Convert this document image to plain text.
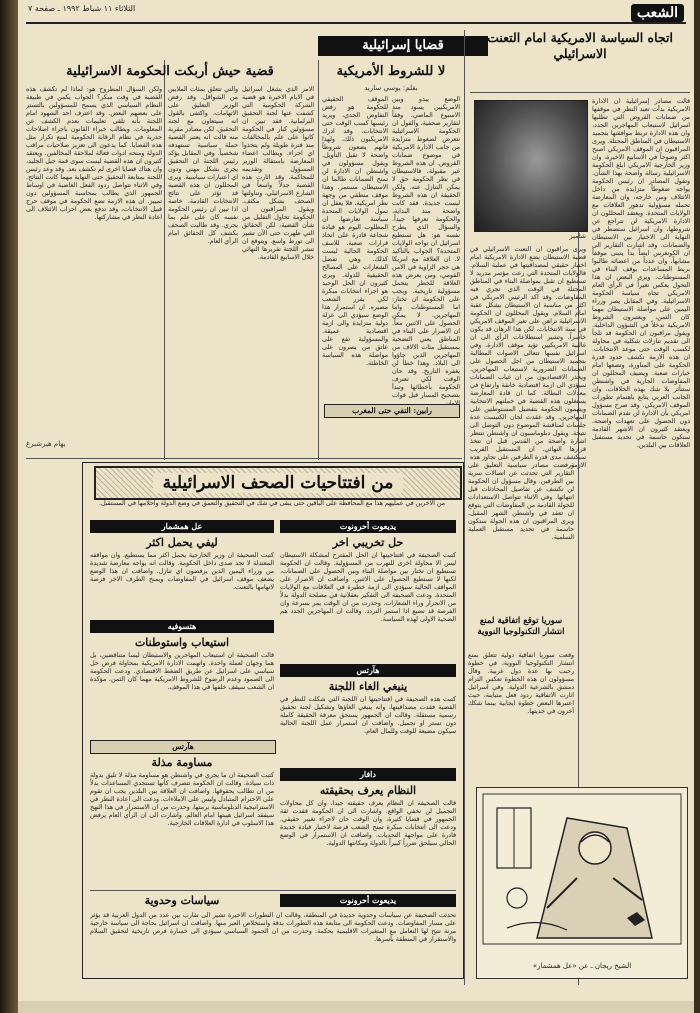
الثلاثاء ١١ شباط ١٩٩٢ ـ صفحة ٧	الشعب
قضايا إسرائيلية
اتجاه السياسة الامريكية امام التعنت الاسرائيلي
شامير
قالت مصادر إسرائيلية ان الادارة الامريكية بدأت تعيد النظر في موقفها من ضمانات القروض التي تطلبها اسرائيل لاستيعاب المهاجرين الجدد، وان هذه الادارة تربط موافقتها بتجميد الاستيطان في المناطق المحتلة. ويرى المراقبون ان الموقف الامريكي اصبح اكثر وضوحاً في الاسابيع الاخيرة، وان وزير الخارجية الامريكي ابلغ الحكومة الاسرائيلية رسالة واضحة بهذا الشأن. وتقول المصادر ان رئيس الحكومة يواجه ضغوطاً متزايدة من داخل الائتلاف ومن خارجه، وان المعارضة تحمله مسؤولية تدهور العلاقات مع الولايات المتحدة. ويعتقد المحللون ان الادارة الامريكية لن تتراجع عن شروطها، وان اسرائيل ستضطر في النهاية الى الاختيار بين الاستيطان والضمانات. وقد اشارت التقارير الى ان الكونغرس ايضاً بدأ يتبنى موقفاً مشابهاً، وان عدداً من اعضائه طالبوا بربط المساعدات بوقف البناء في المستوطنات. ويرى البعض ان هذا التحول يعكس تغيراً في الرأي العام الامريكي تجاه سياسة الحكومة الاسرائيلية. وفي المقابل يصر وزراء اليمين على مواصلة الاستيطان مهما كان الثمن، ويعتبرون الشروط الامريكية تدخلاً في الشؤون الداخلية. ويقول مراقبون ان الحكومة قد تلجأ الى تقديم تنازلات شكلية في محاولة لكسب الوقت حتى موعد الانتخابات. ان هذه الازمة تكشف حدود قدرة الحكومة على المناورة، وتضعها امام خيارات صعبة. ويضيف المحللون ان المفاوضات الجارية في واشنطن ستتأثر بلا شك بهذه الخلافات، وان الجانب العربي يتابع باهتمام تطورات الموقف الامريكي. وقد صرح مسؤول امريكي بأن الادارة لن تقدم الضمانات دون الحصول على تعهدات واضحة. ويعتقد كثيرون ان الاشهر القادمة ستكون حاسمة في تحديد مستقبل العلاقات بين البلدين.
ويرى مراقبون ان التعنت الاسرائيلي في قضية الاستيطان يضع الادارة الامريكية امام اختبار حقيقي لمصداقيتها في عملية السلام. فالولايات المتحدة التي رعت مؤتمر مدريد لا تستطيع ان تقبل بمواصلة البناء في المناطق المحتلة في الوقت الذي تجري فيه المفاوضات. وقد اكد الرئيس الامريكي في اكثر من مناسبة ان الاستيطان يشكل عقبة امام السلام. ويقول المحللون ان الحكومة الاسرائيلية تراهن على تغير الموقف الامريكي في سنة الانتخابات، لكن هذا الرهان قد يكون خاسراً. وتشير استطلاعات الرأي الى ان غالبية الامريكيين تؤيد موقف الادارة. وفي اسرائيل نفسها تتعالى الاصوات المطالبة بتجميد الاستيطان من اجل الحصول على الضمانات الضرورية لاستيعاب المهاجرين. ويحذر الاقتصاديون من ان غياب الضمانات سيؤدي الى ازمة اقتصادية خانقة وارتفاع في معدلات البطالة. كما ان قادة المعارضة يستغلون هذه القضية في حملتهم الانتخابية ويتهمون الحكومة بتفضيل المستوطنين على المهاجرين. وقد عقدت لجان الكنيست عدة جلسات لمناقشة الموضوع دون التوصل الى نتيجة. ويقول دبلوماسيون ان واشنطن تنتظر اشارة واضحة من القدس قبل ان تتخذ قرارها النهائي. ان المستقبل القريب سيكشف مدى قدرة الطرفين على تجاوز هذه الازمة.
لا للشروط الأمريكية
بقلم: يوسي ساريد
الوضع يبدو وبين الامريكيين يسود منذ الاسبوع الماضي، وفقاً لتقارير صحفية، والقول ان الحكومة الاسرائيلية تتعرض لضغوط متزايدة من جانب الادارة الامريكية في موضوع ضمانات القروض. ان هذه الشروط غير مقبولة، فالاستيطان في نظر الحكومة حق لا يمكن التنازل عنه. ولكن الحقيقة ان هذه الشروط ليست جديدة، فقد كانت واضحة منذ البداية، والحكومة تعرفها جيداً. والسؤال الذي يطرح نفسه هو: هل تستطيع اسرائيل ان تواجه الولايات المتحدة؟ الجواب بالتأكيد لا. ان العلاقة مع امريكا هي حجر الزاوية في الامن القومي، ومن يعرض هذه العلاقة للخطر يتحمل مسؤولية تاريخية. ويجب على الحكومة ان تختار: اما المستوطنات واما المهاجرين. لا يمكن الحصول على الاثنين معاً. ان الاصرار على البناء في المناطق يعني التضحية بمستقبل مئات الالاف من المهاجرين الذين جاؤوا الى البلاد. وهذا خطأ لن يغفره التاريخ. وقد حان الوقت لكي تعترف الحكومة بأخطائها وتبدأ بتصحيح المسار قبل فوات
الموقف الحقيقي للحكومة هو رفض التفاوض الجدي، ويريد رئيسها كسب الوقت حتى الانتخابات. وقد ادرك الامريكيون ذلك، ولهذا فانهم يضعون شروطاً واضحة لا تقبل التأويل. ويقول مسؤولون في واشنطن ان الادارة لن تمنح الضمانات طالما ان الاستيطان مستمر. وهذا موقف منطقي من وجهة نظر امريكية، فلا يعقل ان تمول الولايات المتحدة سياسة تعارضها. ان المطلوب اليوم هو قيادة شجاعة قادرة على اتخاذ قرارات صعبة. للاسف الحكومة الحالية ليست كذلك. وهي تفضل الشعارات على المصالح الحقيقية للدولة. ويرى كثيرون ان الحل الوحيد هو اجراء انتخابات مبكرة لكي يقرر الشعب مصيره. ان استمرار هذا الوضع سيؤدي الى عزلة دولية متزايدة والى ازمة اقتصادية عميقة. والمسؤولية تقع على عاتق من يصرون على مواصلة هذه السياسة الخاطئة.
رابين: النفي حتى المغرب
قضية حيش أربكت الحكومة الاسرائيلية
الامر الذي يشغل اسرائيل في الايام الاخيرة هو قضية الشركة الحكومية التي كشفت عنها لجنة التحقيق البرلمانية. فقد تبين ان مسؤولين كبار في الحكومة كانوا على علم بالمخالفات منذ فترة طويلة ولم يتخذوا اي اجراء. ويطالب اعضاء المعارضة باستقالة الوزير المسؤول وتقديمه للمحاكمة. وقد اثارت هذه القضية جدلاً واسعاً في الشارع الاسرائيلي، وتناولتها الصحف بشكل مكثف. ويقول المراقبون ان الحكومة تحاول التقليل من شأن القضية، لكن الحقائق التي ظهرت حتى الآن تشير الى تورط واسع. ويتوقع ان تنشر اللجنة تقريرها النهائي خلال الاسابيع القادمة.
والتي تتعلق بمئات الملايين من الشواقل. وقد رفض الوزير التعليق على الاتهامات، واكتفى بالقول انه سيتعاون مع لجنة التحقيق. لكن مصادر مقربة منه قالت انه يعتبر القضية حملة سياسية تستهدفه شخصياً. وفي المقابل يؤكد رئيس اللجنة ان التحقيق يجري بشكل مهني ودون اي اعتبارات سياسية. ويرى المحللون ان هذه القضية قد تؤثر على نتائج الانتخابات القادمة، خاصة اذا تبين ان رئيس الحكومة نفسه كان على علم بما يجري. وقد طالبت الصحف بكشف كل الحقائق امام الرأي العام.
ولكن السؤال المطروح هو: لماذا لم تكشف هذه القضية في وقت مبكر؟ الجواب يكمن في طبيعة النظام السياسي الذي يسمح للمسؤولين بالتستر على بعضهم البعض. وقد اعترف احد الشهود امام اللجنة بأنه تلقى تعليمات بعدم الكشف عن المعلومات. ويطالب خبراء القانون باجراء اصلاحات جذرية في نظام الرقابة الحكومية لمنع تكرار مثل هذه القضايا. كما يدعون الى تعزيز صلاحيات مراقب الدولة ومنحه ادوات فعالة لملاحقة المخالفين. ويعتقد كثيرون ان هذه القضية ليست سوى قمة جبل الجليد، وان هناك قضايا اخرى لم تكشف بعد. وقد وعد رئيس اللجنة بمتابعة التحقيق حتى النهاية مهما كانت النتائج. وفي الاثناء تتواصل ردود الفعل الغاضبة في اوساط الجمهور الذي يطالب بمحاسبة المسؤولين دون تمييز. ان هذه الازمة تضع الحكومة في موقف حرج قبيل الانتخابات، وقد تدفع بعض احزاب الائتلاف الى اعادة النظر في مشاركتها.
يهام هيرشبرغ
من افتتاحيات الصحف الاسرائيلية
من الاخرين في عمليهم هذا مع المحافظة على الباقين حتى يبقى في شك في التحقيق والتعمق في وضع الدولة واحلامها في المستقبل.
يديعوت أحرونوت
حل تخريبي اخر
كتبت الصحيفة في افتتاحيتها ان الحل المقترح لمشكلة الاستيطان ليس الا محاولة اخرى للتهرب من المسؤولية. وقالت ان الحكومة تستطيع ان تختار بين مواصلة البناء وبين الحصول على الضمانات، لكنها لا تستطيع الحصول على الاثنين. واضافت ان الاصرار على المواقف الحالية سيؤدي الى ازمة خطيرة في العلاقات مع الولايات المتحدة. ودعت الصحيفة الى التفكير بعقلانية في مصلحة الدولة بدلاً من الانجرار وراء الشعارات. وحذرت من ان الوقت يمر بسرعة وان الفرصة قد تضيع اذا استمر التردد. وقالت ان المهاجرين الجدد هم الضحية الاولى لهذه السياسة.
هآرتس
ينبغي الغاء اللجنة
كتبت هذه الصحيفة في افتتاحيتها ان اللجنة التي شكلت للنظر في القضية فقدت مصداقيتها، وانه ينبغي الغاؤها وتشكيل لجنة تحقيق رسمية مستقلة. وقالت ان الجمهور يستحق معرفة الحقيقة كاملة دون تستر او تجميل. واضافت ان استمرار عمل اللجنة الحالية سيكون مضيعة للوقت وللمال العام.
دافار
النظام يعرف بحقيقته
قالت الصحيفة ان النظام يعرف حقيقته جيداً، وان كل محاولات التجميل لن تخفي الواقع. واشارت الى ان الحكومة فقدت ثقة الجمهور في قضايا كثيرة، وان الوقت حان لاجراء تغيير حقيقي. ودعت الى انتخابات مبكرة تمنح الشعب فرصة لاختيار قيادة جديدة قادرة على مواجهة التحديات. واضافت ان الاستمرار في الوضع الحالي سيلحق ضرراً كبيراً بالدولة ومكانتها الدولية.
عل همشمار
ليفي يحمل اكثر
كتبت الصحيفة ان وزير الخارجية يحمل اكثر مما يستطيع، وان مواقفه المعتدلة لا تجد صدى داخل الحكومة. وقالت انه يواجه معارضة شديدة من وزراء اليمين الذين يرفضون اي تنازل. واضافت ان هذا الوضع يضعف موقف اسرائيل في المفاوضات ويمنح الطرف الاخر فرصة لاتهامها بالتعنت.
هتسوفيه
استيعاب واستوطنات
قالت الصحيفة ان استيعاب المهاجرين والاستيطان ليسا متناقضين، بل هما وجهان لعملة واحدة. واتهمت الادارة الامريكية بمحاولة فرض حل سياسي على اسرائيل عن طريق الضغط الاقتصادي. ودعت الحكومة الى الصمود وعدم الرضوخ للشروط الامريكية مهما كان الثمن، مؤكدة ان الشعب سيقف خلفها في هذا الموقف.
هآرتس
مساومة مذلة
كتبت الصحيفة ان ما يجري في واشنطن هو مساومة مذلة لا تليق بدولة ذات سيادة. وقالت ان الحكومة تتصرف كأنها تستجدي المساعدات بدلاً من ان تطالب بحقوقها. واضافت ان العلاقة بين البلدين يجب ان تقوم على الاحترام المتبادل وليس على الاملاءات. ودعت الى اعادة النظر في الاستراتيجية الدبلوماسية برمتها، وحذرت من ان الاستمرار في هذا النهج سيفقد اسرائيل هيبتها امام العالم. واشارت الى ان الرأي العام يرفض هذا الاسلوب في ادارة العلاقات الخارجية.
يديعوت أحرونوت
سياسات وحدوية
تحدثت الصحيفة عن سياسات وحدوية جديدة في المنطقة، وقالت ان التطورات الاخيرة تشير الى تقارب بين عدد من الدول العربية قد يؤثر على مسار المفاوضات. ودعت الحكومة الى متابعة هذه التطورات بدقة واستخلاص العبر منها. واضافت ان اسرائيل بحاجة الى سياسة خارجية مرنة تتيح لها التعامل مع المتغيرات الاقليمية بحكمة. وحذرت من ان الجمود السياسي سيؤدي الى خسارة فرص تاريخية لتحقيق السلام والاستقرار في المنطقة بأسرها.
ورفضت مصادر سياسية التعليق على التقارير التي تحدثت عن اتصالات سرية بين الطرفين. وقال مسؤول ان الحكومة لن تكشف عن تفاصيل المحادثات قبل انتهائها. وفي الاثناء تتواصل الاستعدادات للجولة القادمة من المفاوضات التي يتوقع ان تعقد في واشنطن الشهر المقبل. ويرى المراقبون ان هذه الجولة ستكون حاسمة في تحديد مستقبل العملية السلمية.
سوريا توقع اتفاقية لمنع انتشار التكنولوجيا النووية
وقعت سوريا اتفاقية دولية تتعلق بمنع انتشار التكنولوجيا النووية، في خطوة رحبت بها عدة دول غربية. وقال مسؤولون ان هذه الخطوة تعكس التزام دمشق بالشرعية الدولية. وفي اسرائيل اثارت الاتفاقية ردود فعل متباينة، حيث اعتبرها البعض خطوة ايجابية بينما شكك آخرون في جديتها.
الشيخ ريجان ـ عن «عل همشمار»
